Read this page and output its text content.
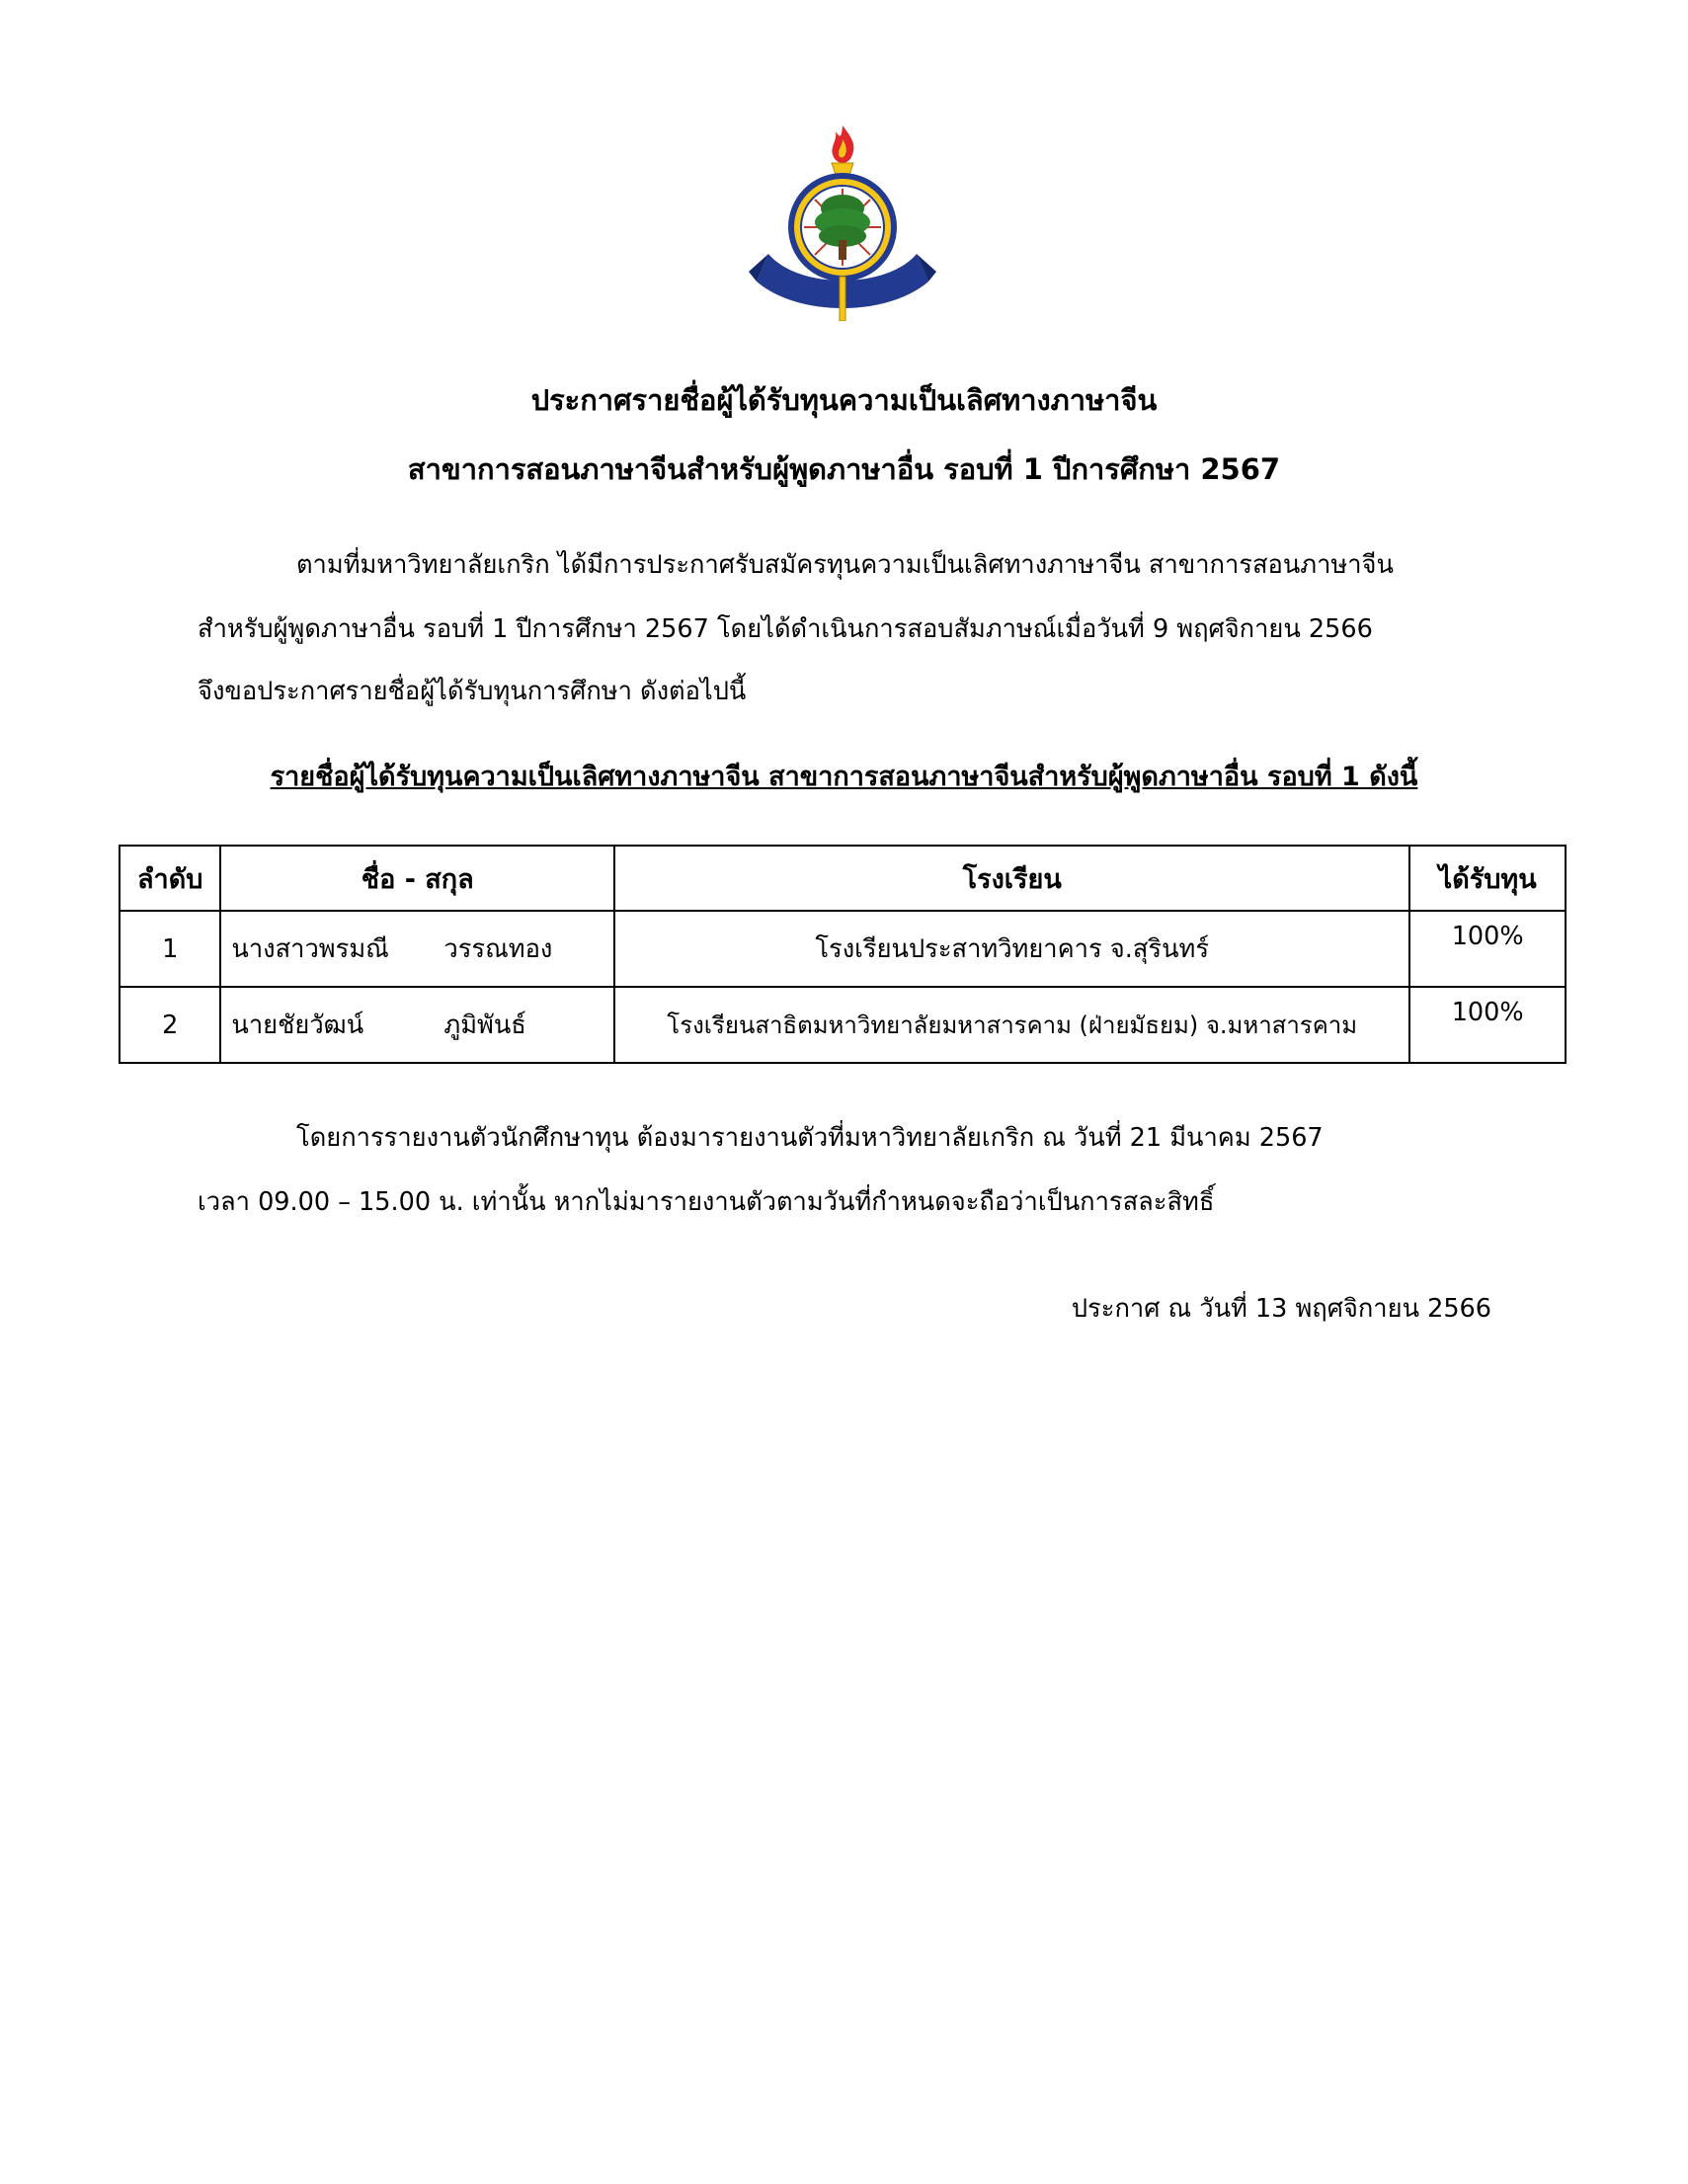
ประกาศรายชื่อผู้ได้รับทุนความเป็นเลิศทางภาษาจีน
สาขาการสอนภาษาจีนสำหรับผู้พูดภาษาอื่น รอบที่ 1 ปีการศึกษา 2567
ตามที่มหาวิทยาลัยเกริก ได้มีการประกาศรับสมัครทุนความเป็นเลิศทางภาษาจีน สาขาการสอนภาษาจีน
สำหรับผู้พูดภาษาอื่น รอบที่ 1 ปีการศึกษา 2567 โดยได้ดำเนินการสอบสัมภาษณ์เมื่อวันที่ 9 พฤศจิกายน 2566
จึงขอประกาศรายชื่อผู้ได้รับทุนการศึกษา ดังต่อไปนี้
รายชื่อผู้ได้รับทุนความเป็นเลิศทางภาษาจีน สาขาการสอนภาษาจีนสำหรับผู้พูดภาษาอื่น รอบที่ 1 ดังนี้
ลำดับ	ชื่อ - สกุล	โรงเรียน	ได้รับทุน
1	นางสาวพรมณี วรรณทอง	โรงเรียนประสาทวิทยาคาร จ.สุรินทร์	100%
2	นายชัยวัฒน์ ภูมิพันธ์	โรงเรียนสาธิตมหาวิทยาลัยมหาสารคาม (ฝ่ายมัธยม) จ.มหาสารคาม	100%
โดยการรายงานตัวนักศึกษาทุน ต้องมารายงานตัวที่มหาวิทยาลัยเกริก ณ วันที่ 21 มีนาคม 2567
เวลา 09.00 – 15.00 น. เท่านั้น หากไม่มารายงานตัวตามวันที่กำหนดจะถือว่าเป็นการสละสิทธิ์
ประกาศ ณ วันที่ 13 พฤศจิกายน 2566
